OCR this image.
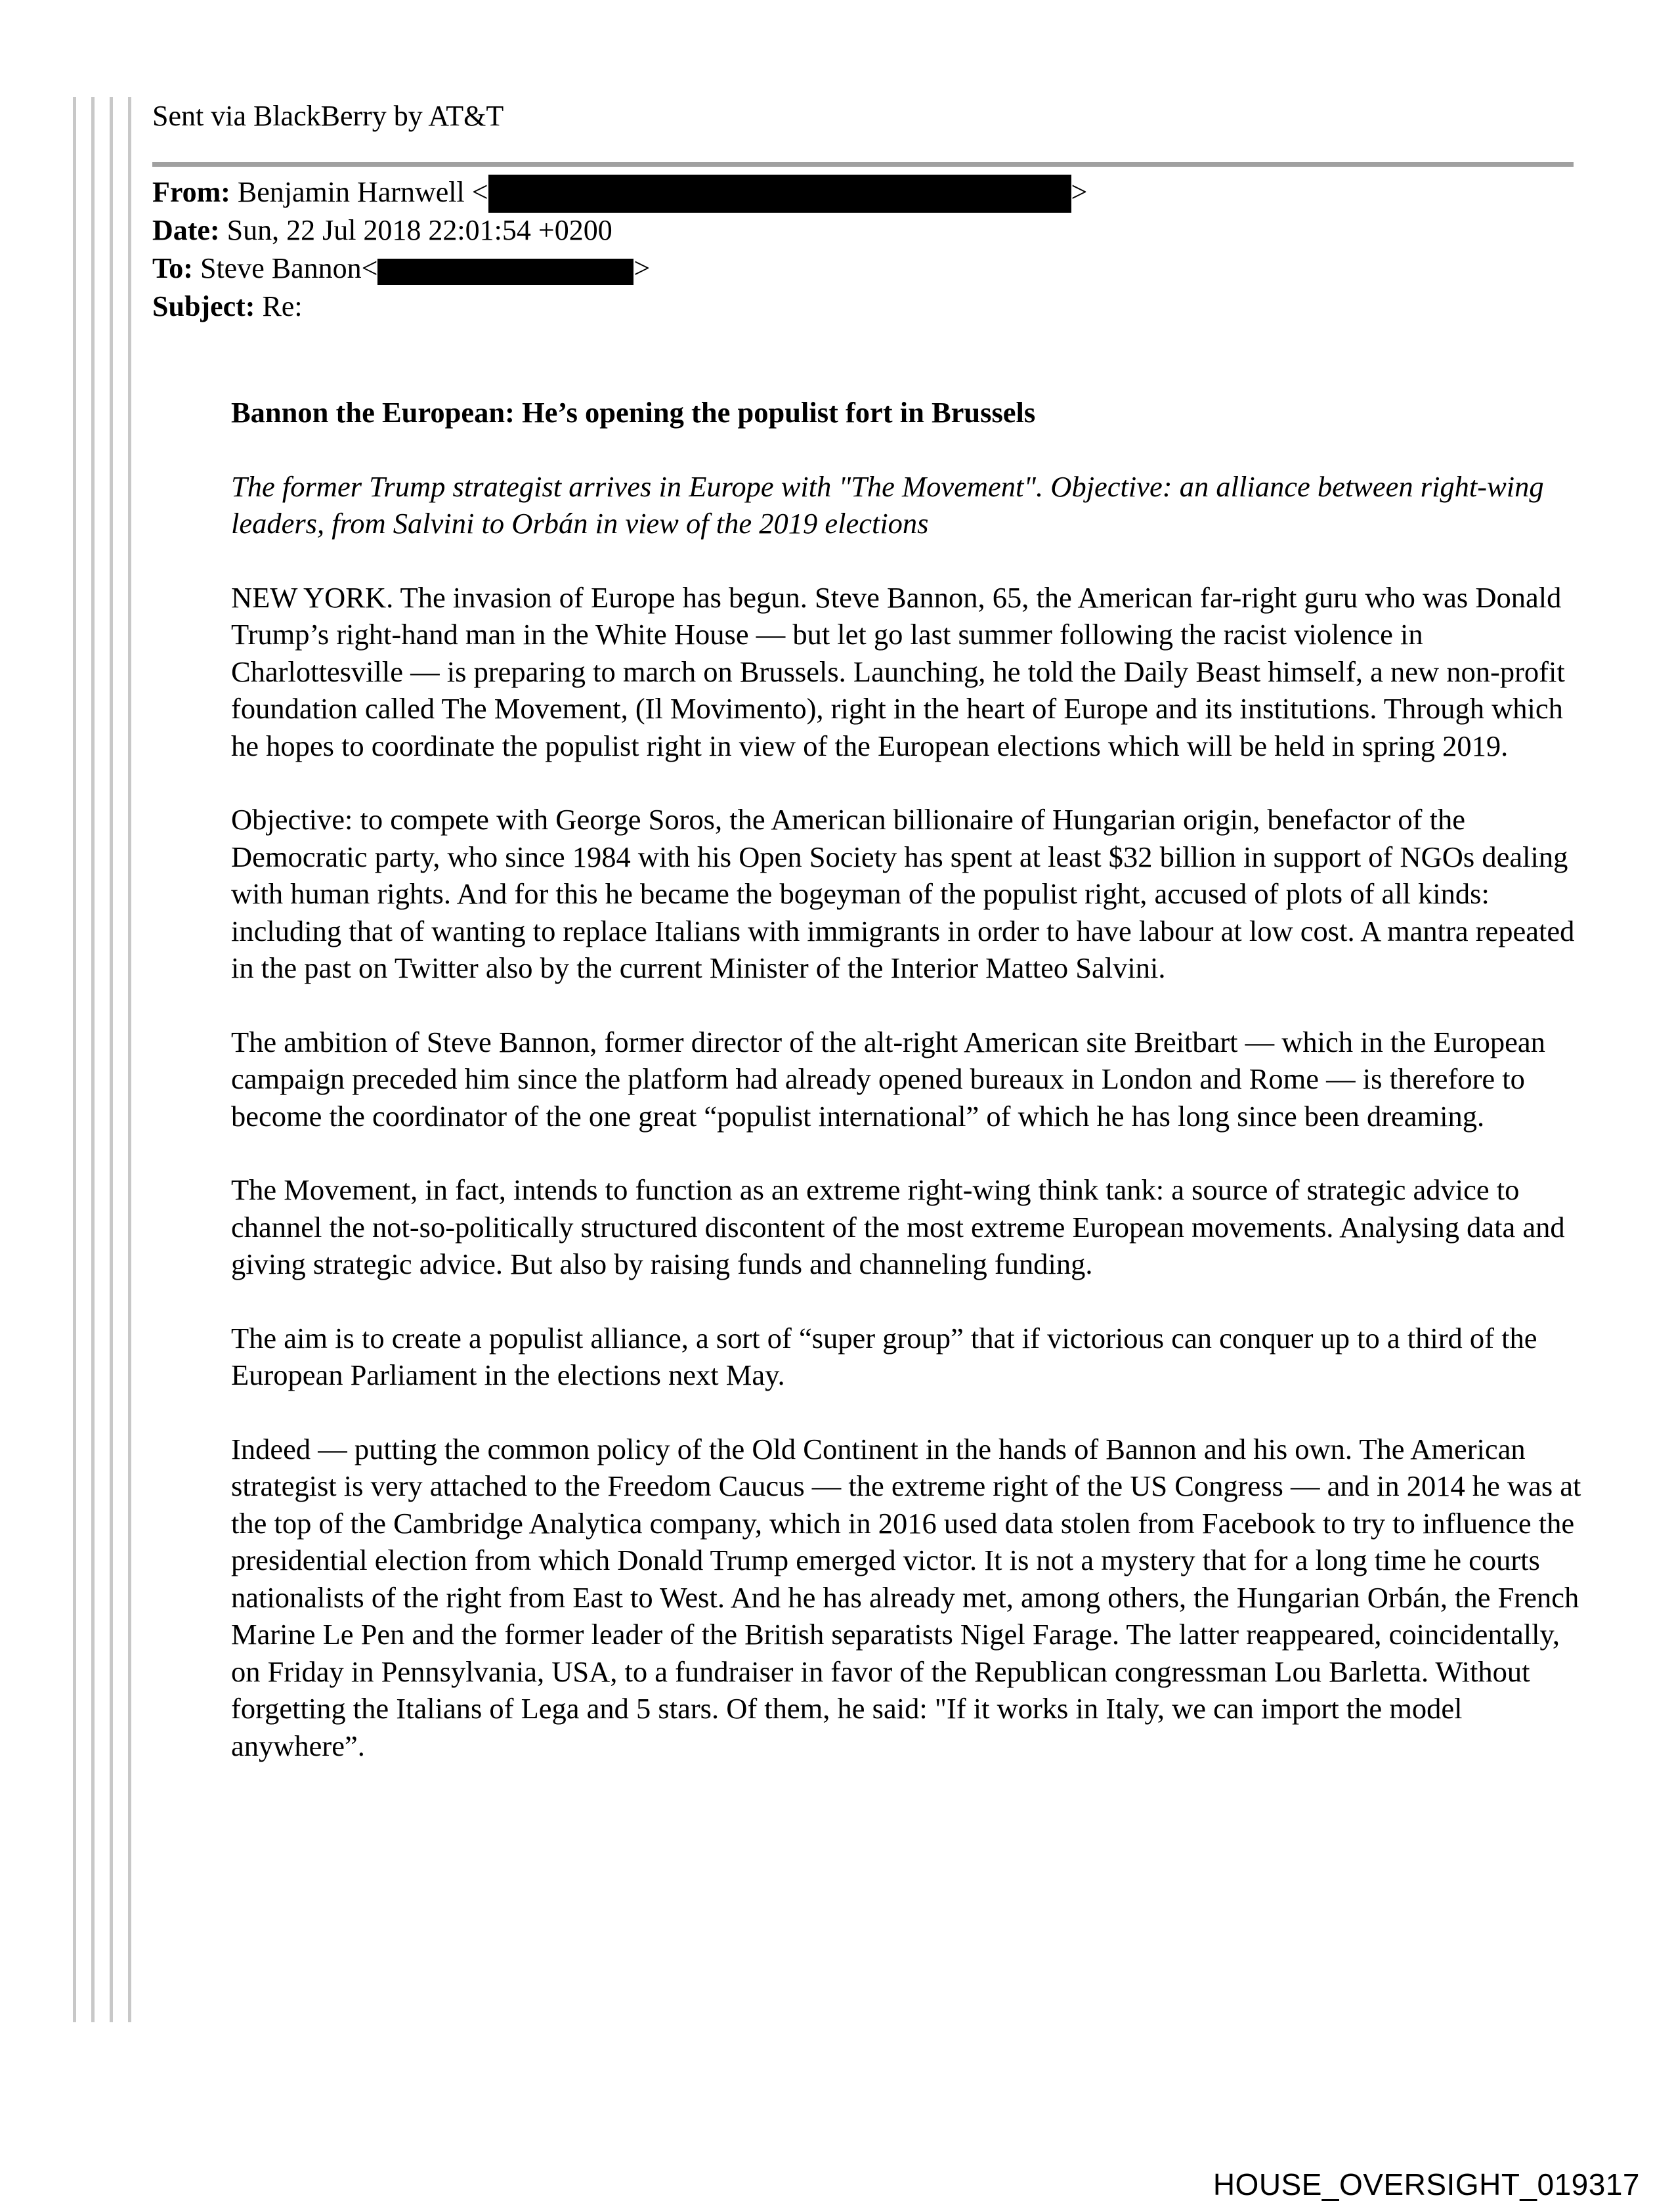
Sent via BlackBerry by AT&T
From: Benjamin Harnwell <	>
Date: Sun, 22 Jul 2018 22:01:54 +0200
To: Steve Bannon<	>
Subject: Re:

Bannon the European: He’s opening the populist fort in Brussels

The former Trump strategist arrives in Europe with "The Movement". Objective: an alliance between right-wing leaders, from Salvini to Orbán in view of the 2019 elections

NEW YORK. The invasion of Europe has begun. Steve Bannon, 65, the American far-right guru who was Donald Trump’s right-hand man in the White House — but let go last summer following the racist violence in Charlottesville — is preparing to march on Brussels. Launching, he told the Daily Beast himself, a new non-profit foundation called The Movement, (Il Movimento), right in the heart of Europe and its institutions. Through which he hopes to coordinate the populist right in view of the European elections which will be held in spring 2019.

Objective: to compete with George Soros, the American billionaire of Hungarian origin, benefactor of the Democratic party, who since 1984 with his Open Society has spent at least $32 billion in support of NGOs dealing with human rights. And for this he became the bogeyman of the populist right, accused of plots of all kinds: including that of wanting to replace Italians with immigrants in order to have labour at low cost. A mantra repeated in the past on Twitter also by the current Minister of the Interior Matteo Salvini.

The ambition of Steve Bannon, former director of the alt-right American site Breitbart — which in the European campaign preceded him since the platform had already opened bureaux in London and Rome — is therefore to become the coordinator of the one great “populist international” of which he has long since been dreaming.

The Movement, in fact, intends to function as an extreme right-wing think tank: a source of strategic advice to channel the not-so-politically structured discontent of the most extreme European movements. Analysing data and giving strategic advice. But also by raising funds and channeling funding.

The aim is to create a populist alliance, a sort of “super group” that if victorious can conquer up to a third of the European Parliament in the elections next May.

Indeed — putting the common policy of the Old Continent in the hands of Bannon and his own. The American strategist is very attached to the Freedom Caucus — the extreme right of the US Congress — and in 2014 he was at the top of the Cambridge Analytica company, which in 2016 used data stolen from Facebook to try to influence the presidential election from which Donald Trump emerged victor. It is not a mystery that for a long time he courts nationalists of the right from East to West. And he has already met, among others, the Hungarian Orbán, the French Marine Le Pen and the former leader of the British separatists Nigel Farage. The latter reappeared, coincidentally, on Friday in Pennsylvania, USA, to a fundraiser in favor of the Republican congressman Lou Barletta. Without forgetting the Italians of Lega and 5 stars. Of them, he said: "If it works in Italy, we can import the model anywhere”.

HOUSE_OVERSIGHT_019317
